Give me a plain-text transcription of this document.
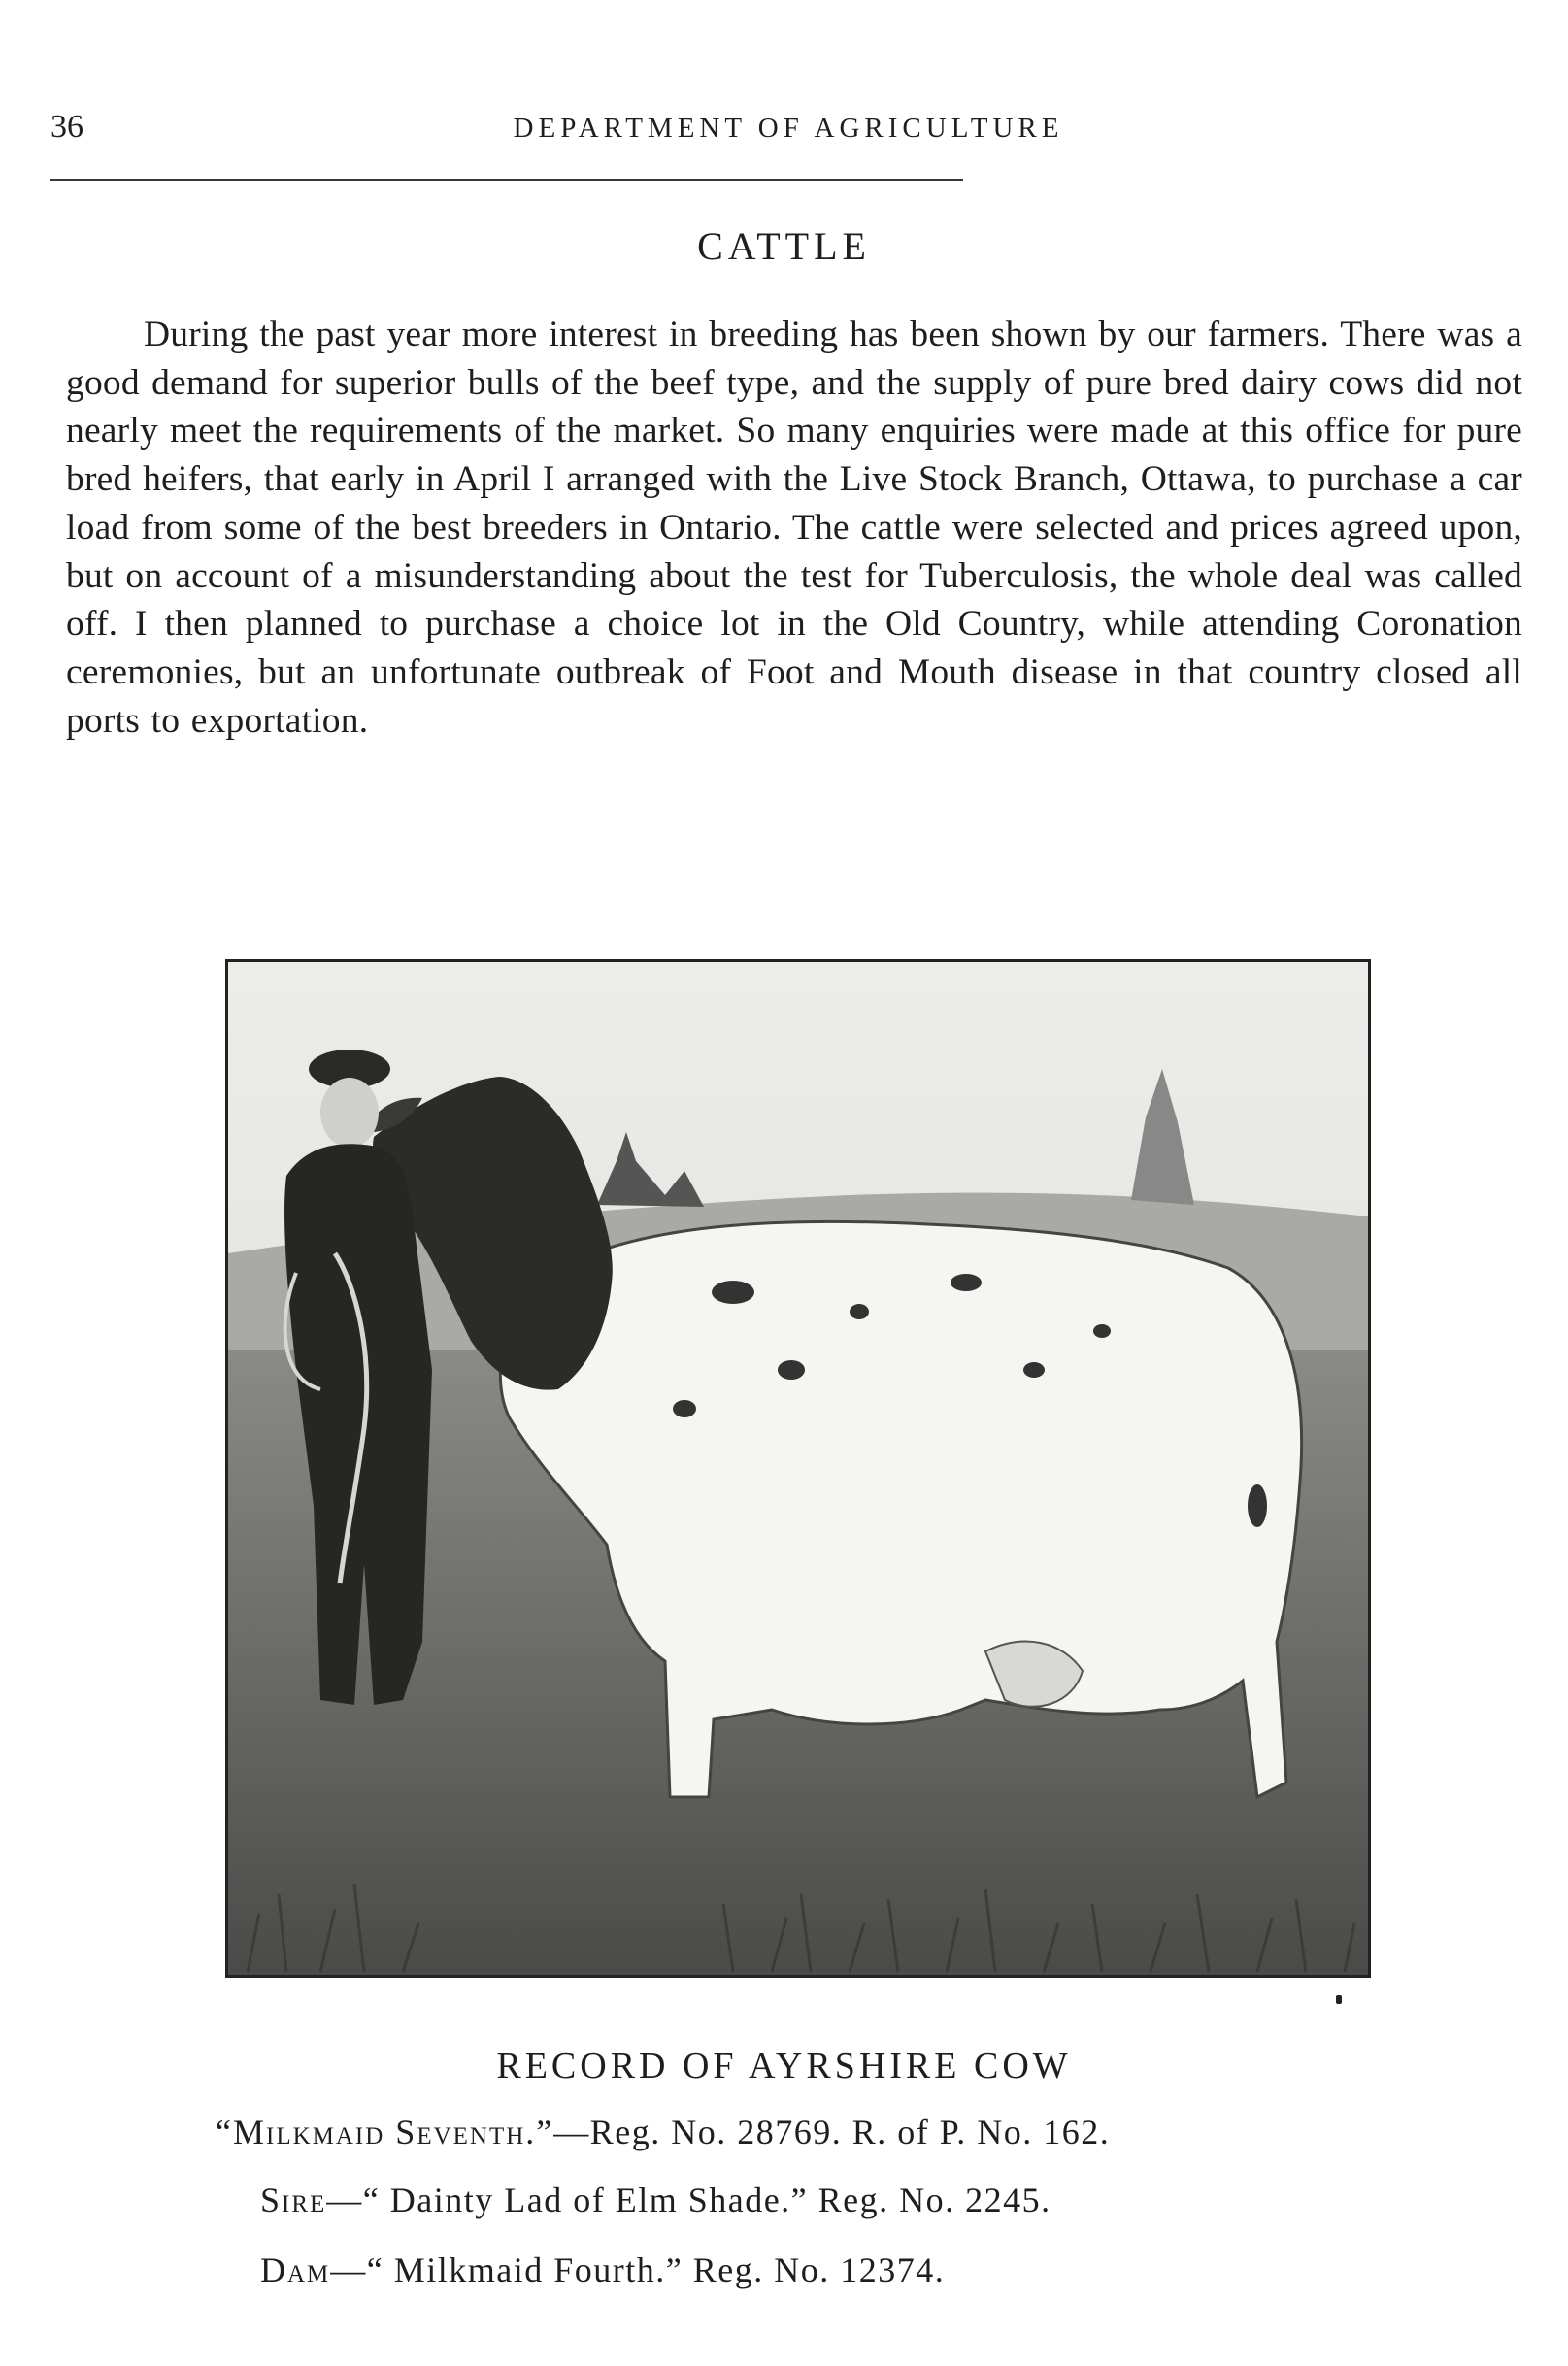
36	DEPARTMENT OF AGRICULTURE
CATTLE

During the past year more interest in breeding has been shown by our farmers. There was a good demand for superior bulls of the beef type, and the supply of pure bred dairy cows did not nearly meet the requirements of the market. So many enquiries were made at this office for pure bred heifers, that early in April I arranged with the Live Stock Branch, Ottawa, to purchase a car load from some of the best breeders in Ontario. The cattle were selected and prices agreed upon, but on account of a misunderstanding about the test for Tuberculosis, the whole deal was called off. I then planned to purchase a choice lot in the Old Country, while attending Coronation ceremonies, but an unfortunate outbreak of Foot and Mouth disease in that country closed all ports to exportation.

RECORD OF AYRSHIRE COW
“Milkmaid Seventh.”—Reg. No. 28769. R. of P. No. 162.
Sire—“ Dainty Lad of Elm Shade.” Reg. No. 2245.
Dam—“ Milkmaid Fourth.” Reg. No. 12374.
